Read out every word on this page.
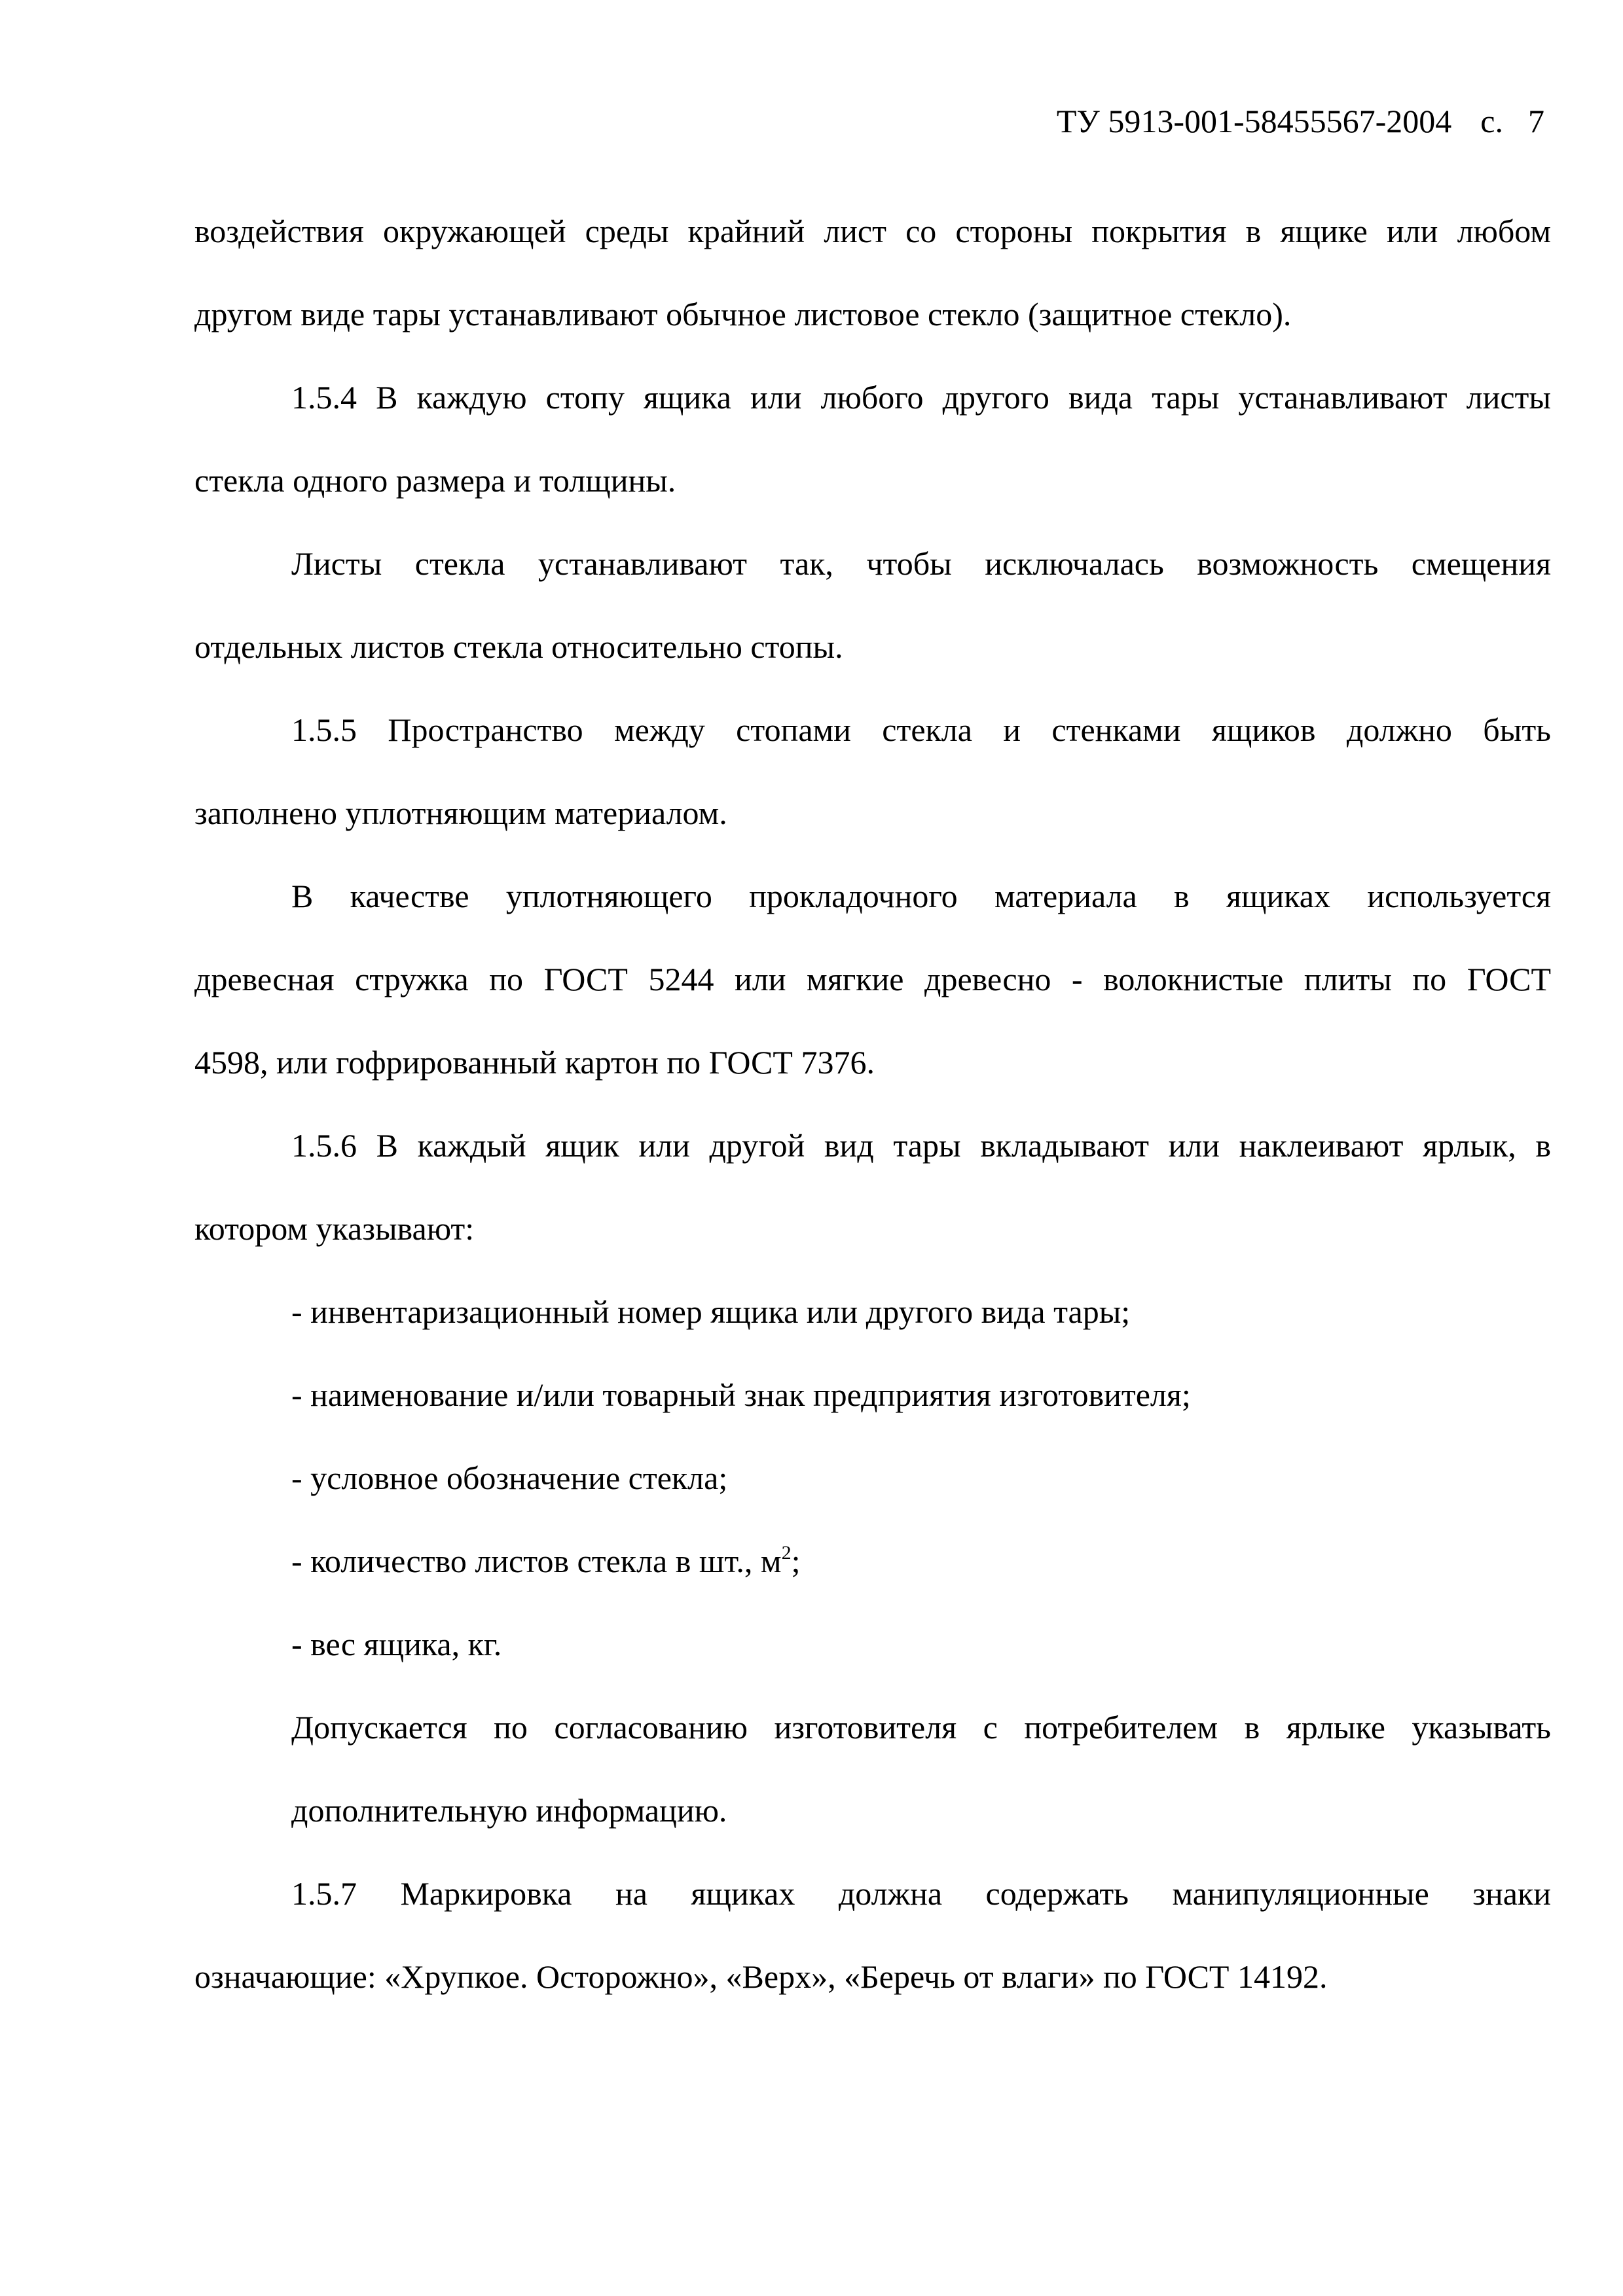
ТУ 5913-001-58455567-2004 с. 7
воздействия окружающей среды крайний лист со стороны покрытия в ящике или любом
другом виде тары устанавливают обычное листовое стекло (защитное стекло).
1.5.4 В каждую стопу ящика или любого другого вида тары устанавливают листы
стекла одного размера и толщины.
Листы стекла устанавливают так, чтобы исключалась возможность смещения
отдельных листов стекла относительно стопы.
1.5.5 Пространство между стопами стекла и стенками ящиков должно быть
заполнено уплотняющим материалом.
В качестве уплотняющего прокладочного материала в ящиках используется
древесная стружка по ГОСТ 5244 или мягкие древесно - волокнистые плиты по ГОСТ
4598, или гофрированный картон по ГОСТ 7376.
1.5.6 В каждый ящик или другой вид тары вкладывают или наклеивают ярлык, в
котором указывают:
- инвентаризационный номер ящика или другого вида тары;
- наименование и/или товарный знак предприятия изготовителя;
- условное обозначение стекла;
- количество листов стекла в шт., $м^2$;
- вес ящика, кг.
Допускается по согласованию изготовителя с потребителем в ярлыке указывать
дополнительную информацию.
1.5.7 Маркировка на ящиках должна содержать манипуляционные знаки
означающие: «Хрупкое. Осторожно», «Верх», «Беречь от влаги» по ГОСТ 14192.
